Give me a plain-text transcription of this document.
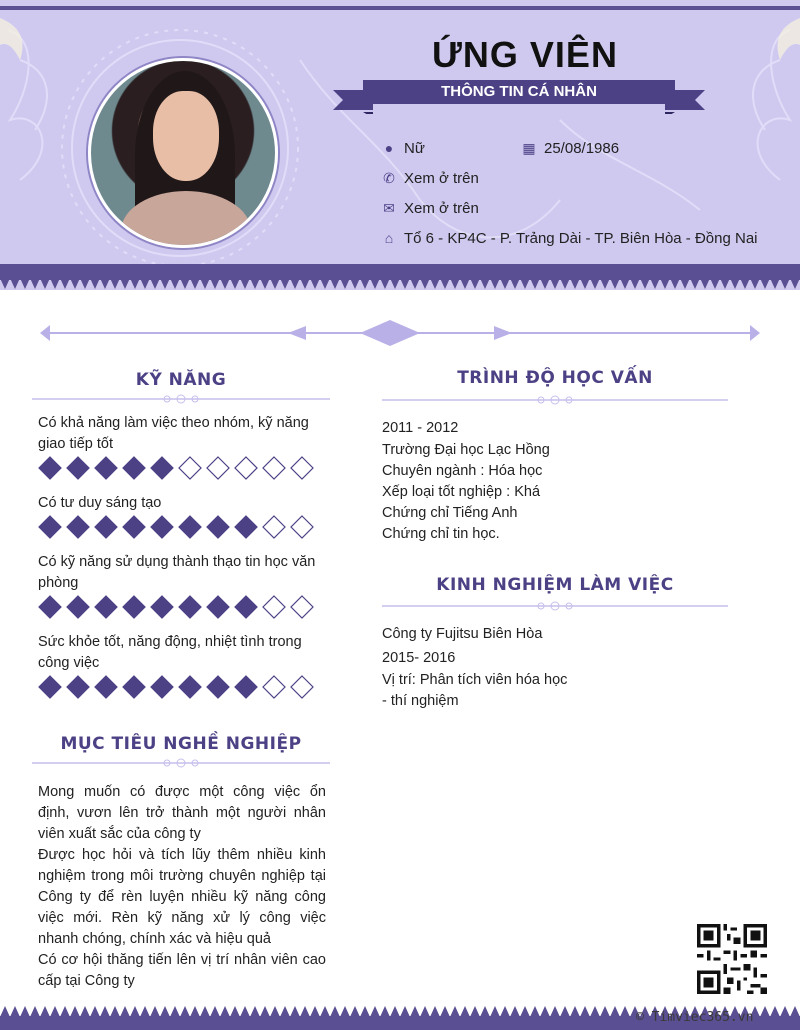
ỨNG VIÊN
THÔNG TIN CÁ NHÂN
● Nữ	▦ 25/08/1986
✆ Xem ở trên
✉ Xem ở trên
⌂ Tổ 6 - KP4C - P. Trảng Dài - TP. Biên Hòa - Đồng Nai
KỸ NĂNG
Có khả năng làm việc theo nhóm, kỹ năng
giao tiếp tốt
Có tư duy sáng tạo
Có kỹ năng sử dụng thành thạo tin học văn
phòng
Sức khỏe tốt, năng động, nhiệt tình trong
công việc
MỤC TIÊU NGHỀ NGHIỆP
Mong muốn có được một công việc ổn
định, vươn lên trở thành một người nhân
viên xuất sắc của công ty
Được học hỏi và tích lũy thêm nhiều kinh
nghiệm trong môi trường chuyên nghiệp tại
Công ty để rèn luyện nhiều kỹ năng công
việc mới. Rèn kỹ năng xử lý công việc
nhanh chóng, chính xác và hiệu quả
Có cơ hội thăng tiến lên vị trí nhân viên cao
cấp tại Công ty
TRÌNH ĐỘ HỌC VẤN
2011 - 2012
Trường Đại học Lạc Hồng
Chuyên ngành : Hóa học
Xếp loại tốt nghiệp : Khá
Chứng chỉ Tiếng Anh
Chứng chỉ tin học.
KINH NGHIỆM LÀM VIỆC
Công ty Fujitsu Biên Hòa
2015- 2016
Vị trí: Phân tích viên hóa học
- thí nghiệm
© Timviec365.vn
